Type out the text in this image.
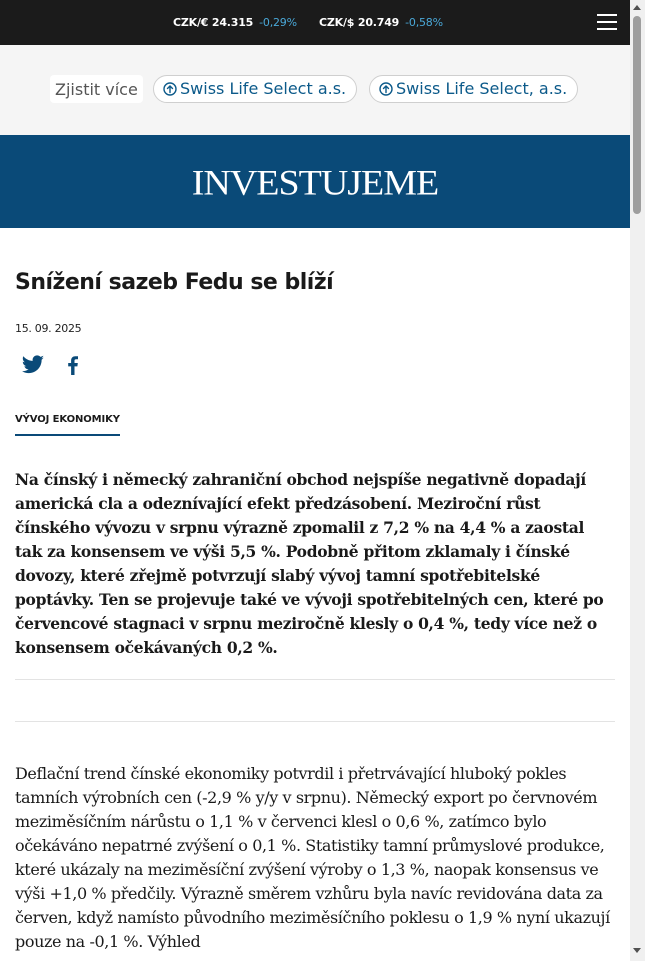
CZK/€ 24.315 -0,29% CZK/$ 20.749 -0,58%
Zjistit více	Swiss Life Select a.s.	Swiss Life Select, a.s.
INVESTUJEME
Snížení sazeb Fedu se blíží
15. 09. 2025
VÝVOJ EKONOMIKY

Na čínský i německý zahraniční obchod nejspíše negativně dopadají americká cla a odeznívající efekt předzásobení. Meziroční růst čínského vývozu v srpnu výrazně zpomalil z 7,2 % na 4,4 % a zaostal tak za konsensem ve výši 5,5 %. Podobně přitom zklamaly i čínské dovozy, které zřejmě potvrzují slabý vývoj tamní spotřebitelské poptávky. Ten se projevuje také ve vývoji spotřebitelných cen, které po červencové stagnaci v srpnu meziročně klesly o 0,4 %, tedy více než o konsensem očekávaných 0,2 %.

Deflační trend čínské ekonomiky potvrdil i přetrvávající hluboký pokles tamních výrobních cen (-2,9 % y/y v srpnu). Německý export po červnovém meziměsíčním nárůstu o 1,1 % v červenci klesl o 0,6 %, zatímco bylo očekáváno nepatrné zvýšení o 0,1 %. Statistiky tamní průmyslové produkce, které ukázaly na meziměsíční zvýšení výroby o 1,3 %, naopak konsensus ve výši +1,0 % předčily. Výrazně směrem vzhůru byla navíc revidována data za červen, když namísto původního meziměsíčního poklesu o 1,9 % nyní ukazují pouze na -0,1 %. Výhled
